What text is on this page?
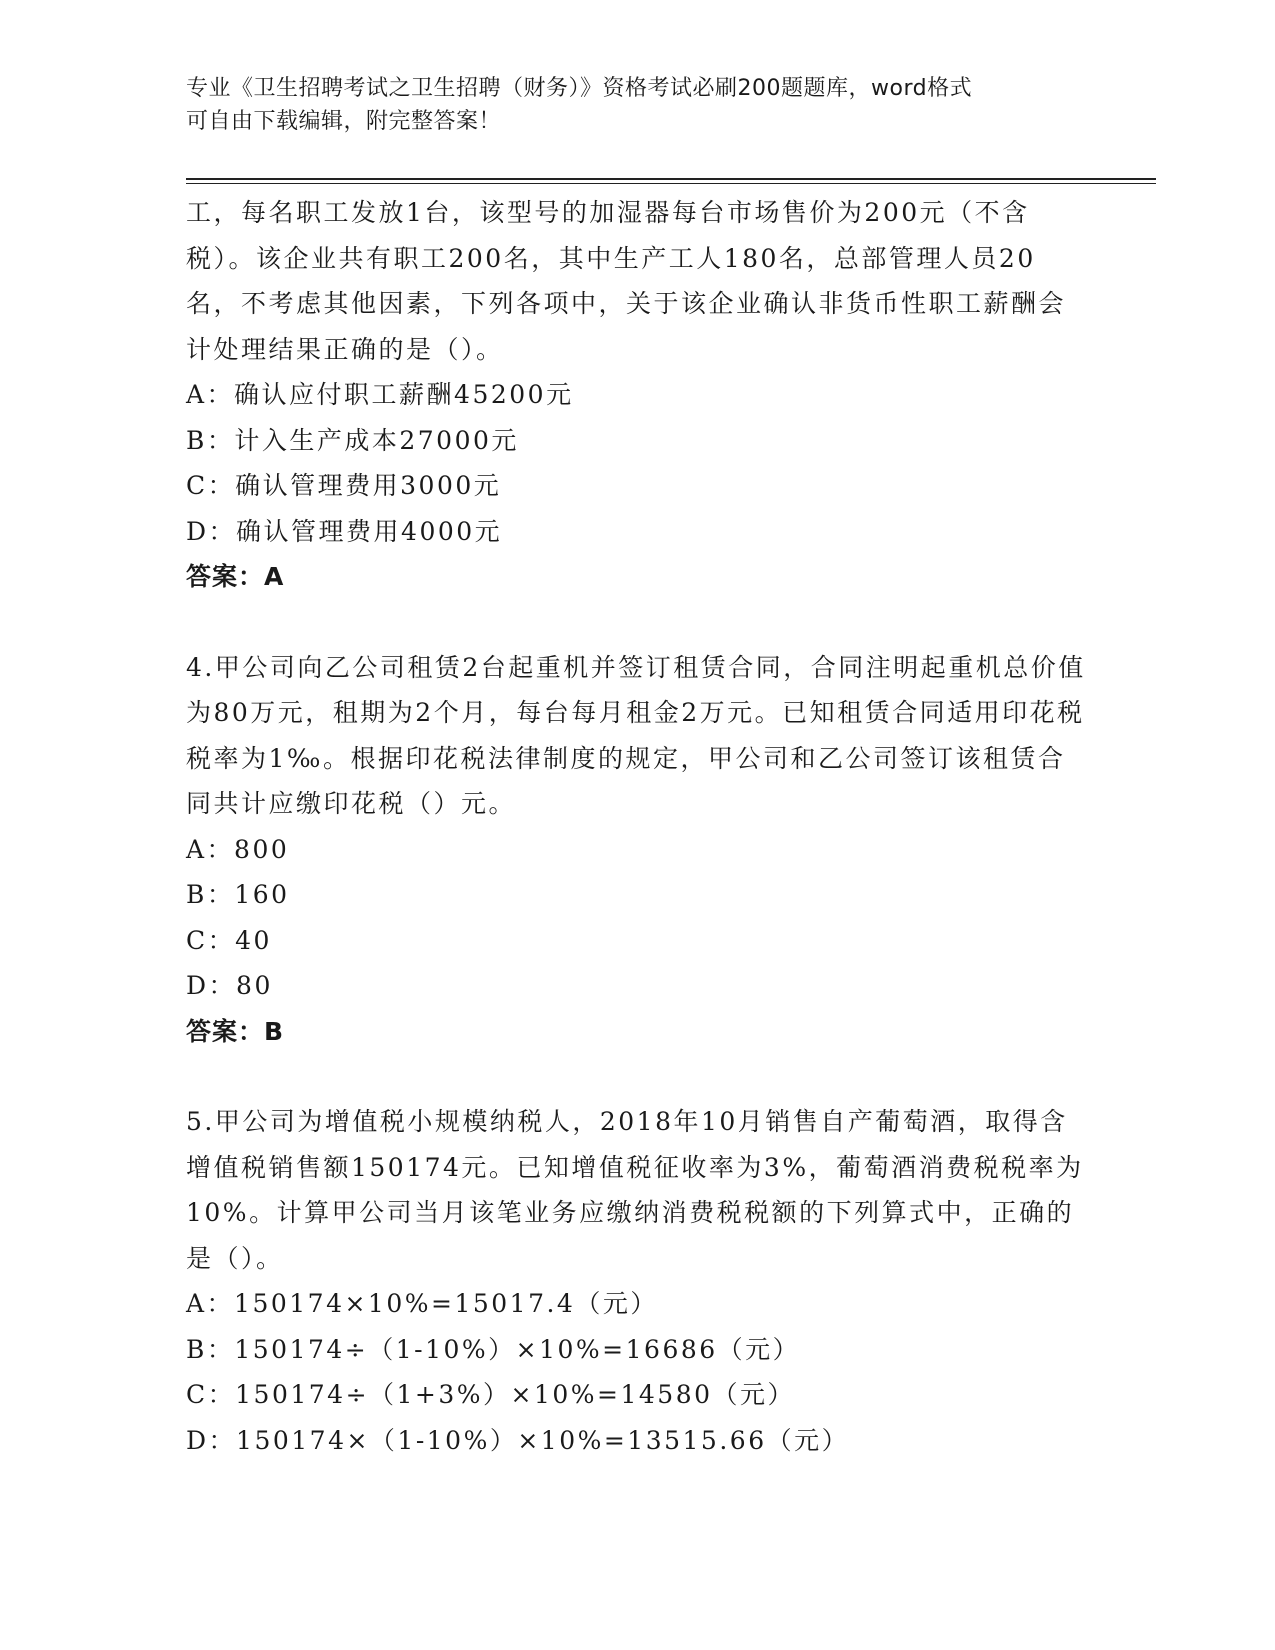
专业《卫生招聘考试之卫生招聘（财务）》资格考试必刷200题题库，word格式
可自由下载编辑，附完整答案！
工，每名职工发放1台，该型号的加湿器每台市场售价为200元（不含税）。该企业共有职工200名，其中生产工人180名，总部管理人员20名，不考虑其他因素，下列各项中，关于该企业确认非货币性职工薪酬会计处理结果正确的是（）。
A：确认应付职工薪酬45200元
B：计入生产成本27000元
C：确认管理费用3000元
D：确认管理费用4000元
答案：A
4.甲公司向乙公司租赁2台起重机并签订租赁合同，合同注明起重机总价值为80万元，租期为2个月，每台每月租金2万元。已知租赁合同适用印花税税率为1‰。根据印花税法律制度的规定，甲公司和乙公司签订该租赁合同共计应缴印花税（）元。
A：800
B：160
C：40
D：80
答案：B
5.甲公司为增值税小规模纳税人，2018年10月销售自产葡萄酒，取得含增值税销售额150174元。已知增值税征收率为3%，葡萄酒消费税税率为10%。计算甲公司当月该笔业务应缴纳消费税税额的下列算式中，正确的是（）。
A：150174×10%=15017.4（元）
B：150174÷（1-10%）×10%=16686（元）
C：150174÷（1+3%）×10%=14580（元）
D：150174×（1-10%）×10%=13515.66（元）
